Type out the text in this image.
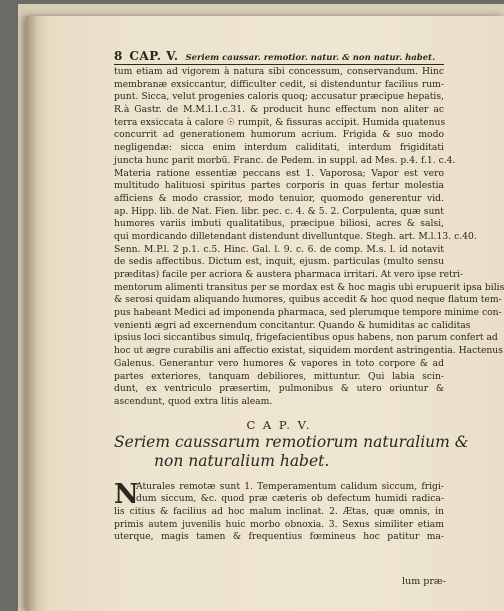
8 CAP. V. Seriem caussar. remotior. natur. & non natur. habet.
tum etiam ad vigorem à natura sibi concessum, conservandum. Hinc
membranæ exsiccantur, difficulter cedit, si distenduntur facilius rum-
punt. Sicca, velut progenies caloris quoq; accusatur præcipue hepatis,
R.à Gastr. de M.M.l.1.c.31. & producit hunc effectum non aliter ac
terra exsiccata à calore ☉ rumpit, & fissuras accipit. Humida quatenus
concurrit ad generationem humorum acrium. Frigida & suo modo
negligendæ: sicca enim interdum caliditati, interdum frigiditati
juncta hunc parit morbū. Franc. de Pedem. in suppl. ad Mes. p.4. f.1. c.4.
Materia ratione essentiæ peccans est 1. Vaporosa; Vapor est vero
multitudo halituosi spiritus partes corporis in quas fertur molestia
afficiens & modo crassior, modo tenuior, quomodo generentur vid.
ap. Hipp. lib. de Nat. Fien. libr. pec. c. 4. & 5. 2. Corpulenta, quæ sunt
humores variis imbuti qualitatibus, præcipue biliosi, acres & salsi,
qui mordicando dilletendant distendunt divelluntque. Stegh. art. M.l.13. c.40.
Senn. M.P.l. 2 p.1. c.5. Hinc. Gal. l. 9. c. 6. de comp. M.s. l. id notavit
de sedis affectibus. Dictum est, inquit, ejusm. particulas (multo sensu
præditas) facile per acriora & austera pharmaca irritari. At vero ipse retri-
mentorum alimenti transitus per se mordax est & hoc magis ubi erupuerit ipsa bilis
& serosi quidam aliquando humores, quibus accedit & hoc quod neque flatum tem-
pus habeant Medici ad imponenda pharmaca, sed plerumque tempore minime con-
venienti ægri ad excernendum concitantur. Quando & humiditas ac caliditas
ipsius loci siccantibus simulq, frigefacientibus opus habens, non parum confert ad
hoc ut ægre curabilis ani affectio existat, siquidem mordent astringentia. Hactenus
Galenus. Generantur vero humores & vapores in toto corpore & ad
partes exteriores, tanquam debiliores, mittuntur. Qui labia scin-
dunt, ex ventriculo præsertim, pulmonibus & utero oriuntur &
ascendunt, quod extra litis aleam.
C A P. V.
Seriem caussarum remotiorum naturalium &
non naturalium habet.
N
Aturales remotæ sunt 1. Temperamentum calidum siccum, frigi-
dum siccum, &c. quod præ cæteris ob defectum humidi radica-
lis citius & facilius ad hoc malum inclinat. 2. Ætas, quæ omnis, in
primis autem juvenilis huic morbo obnoxia. 3. Sexus similiter etiam
uterque, magis tamen & frequentius fœmineus hoc patitur ma-
lum præ-
